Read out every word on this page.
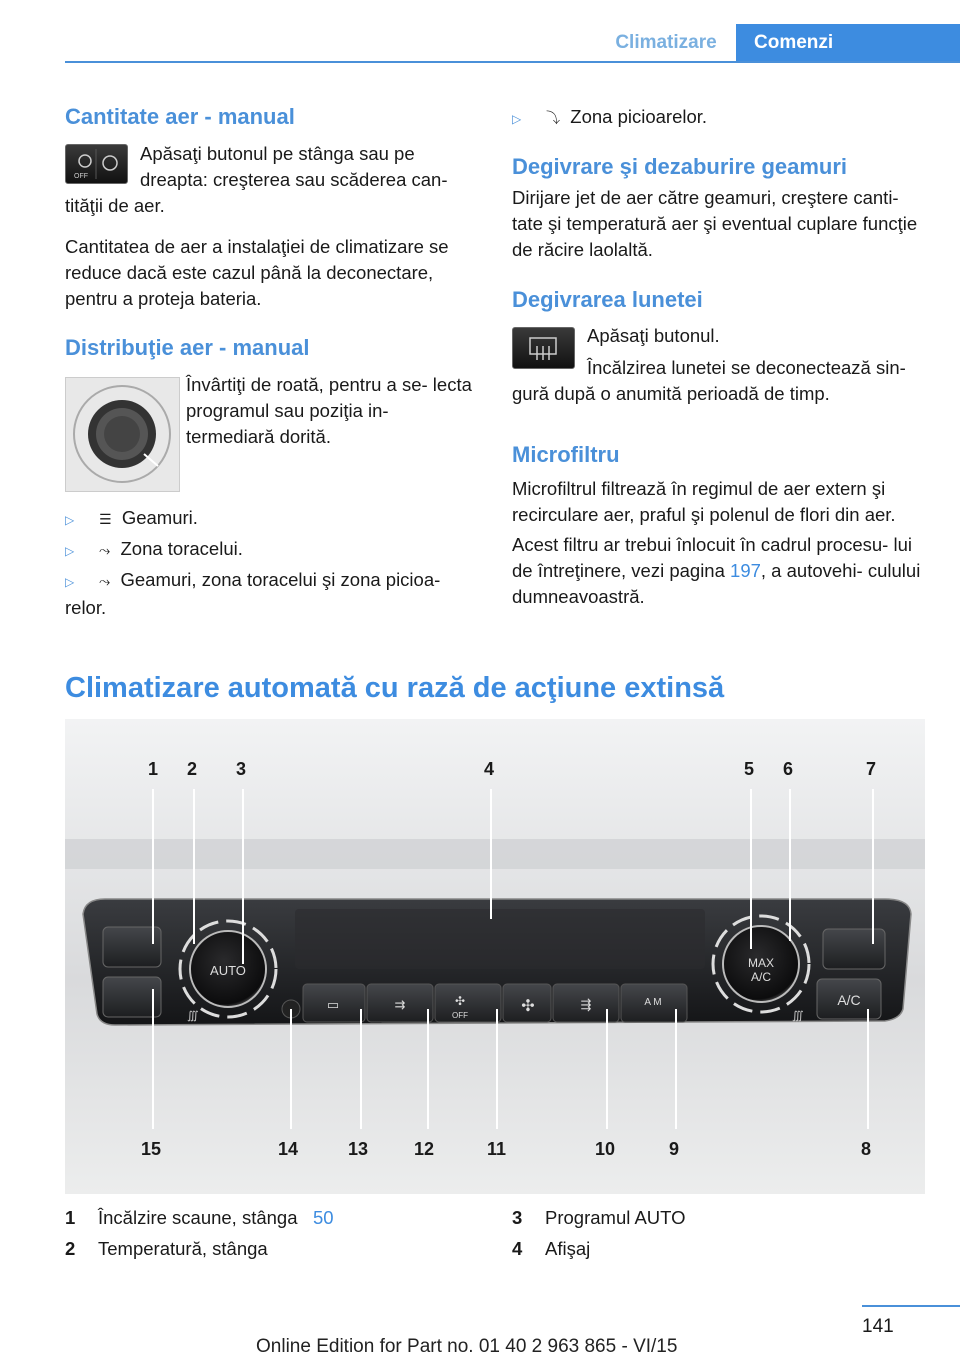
Climatizare	Comenzi
Cantitate aer - manual
OFF
Apăsaţi butonul pe stânga sau pe
dreapta: creşterea sau scăderea can‐
tităţii de aer.
Cantitatea de aer a instalaţiei de climatizare se reduce dacă este cazul până la deconectare, pentru a proteja bateria.
Distribuţie aer - manual
Învârtiţi de roată, pentru a se‐ lecta programul sau poziţia in‐ termediară dorită.
▷ ☰ Geamuri.
▷ ⤳ Zona toracelui.
▷ ⤳ Geamuri, zona toracelui şi zona picioa‐ relor.
▷ ⤵ Zona picioarelor.
Degivrare şi dezaburire geamuri
Dirijare jet de aer către geamuri, creştere canti‐ tate şi temperatură aer şi eventual cuplare funcţie de răcire laolaltă.
Degivrarea lunetei
Apăsaţi butonul.
Încălzirea lunetei se deconectează sin‐
gură după o anumită perioadă de timp.
Microfiltru
Microfiltrul filtrează în regimul de aer extern şi recirculare aer, praful şi polenul de flori din aer.
Acest filtru ar trebui înlocuit în cadrul procesu‐ lui de întreţinere, vezi pagina 197, a autovehi‐ culului dumneavoastră.
Climatizare automată cu rază de acţiune extinsă
AUTO
∭
▭	⇉	✣
OFF
✣	⇶	A M
MAX
A/C
∭
A/C
1 2 3	4	5 6	7
15	14	13	12	11	10	9	8
1 Încălzire scaune, stânga 50
2 Temperatură, stânga
3 Programul AUTO
4 Afişaj
141
Online Edition for Part no. 01 40 2 963 865 - VI/15
